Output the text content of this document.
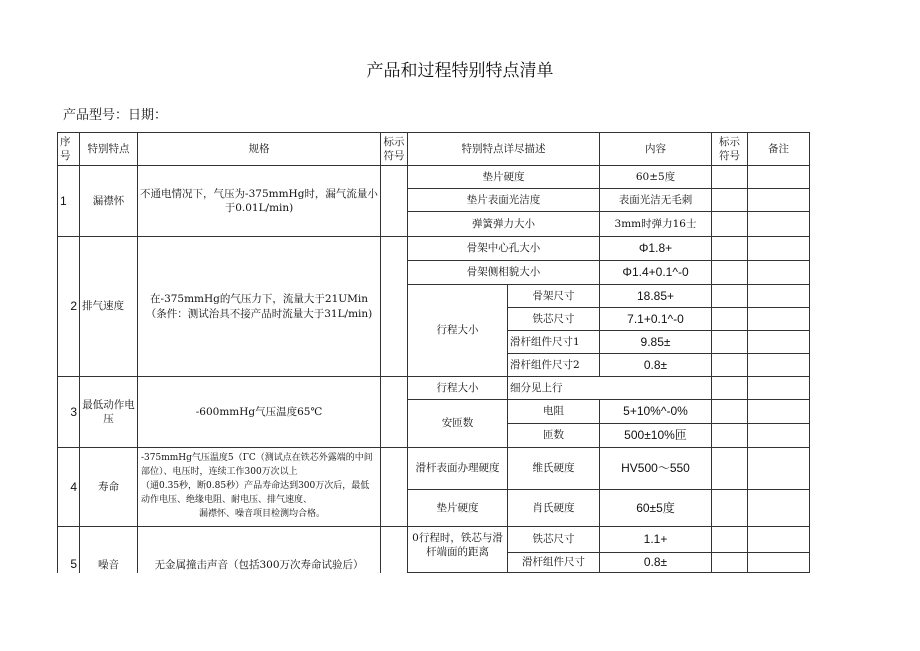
产品和过程特别特点清单
产品型号：日期：
序号	特别特点	规格	标示符号	特别特点详尽描述		内容	标示符号	备注
1	漏襟怀	不通电情况下，气压为-375mmHg时，漏气流量小于0.01L/min)		垫片硬度		60±5度		
				垫片表面光洁度		表面光洁无毛刺		
				弹簧弹力大小		3mm时弹力16士		
2	排气速度	在-375mmHg的气压力下，流量大于21UMin（条件：测试治具不接产品时流量大于31L/min)		骨架中心孔大小		Φ1.8+		
				骨架侧相貌大小		Φ1.4+0.1^-0		
				行程大小	骨架尺寸	18.85+		
					铁芯尺寸	7.1+0.1^-0		
					滑杆组件尺寸1	9.85±		
					滑杆组件尺寸2	0.8±		
3	最低动作电压	-600mmHg气压温度65℃		行程大小	细分见上行			
				安匝数	电阻	5+10%^-0%		
					匝数	500±10%匝		
4	寿命	-375mmHg气压温度5（ΓC（测试点在铁芯外露端的中间
部位）、电压时，连续工作300万次以上
（通0.35秒，断0.85秒）产品寿命达到300万次后，最低
动作电压、绝缘电阻、耐电压、排气速度、
漏襟怀、噪音项目检测均合格。		滑杆表面办理硬度	维氏硬度	HV500～550		
				垫片硬度	肖氏硬度	60±5度		
5	噪音	无金属撞击声音（包括300万次寿命试验后）		0行程时，铁芯与滑杆端面的距离	铁芯尺寸	1.1+		
					滑杆组件尺寸	0.8±		
